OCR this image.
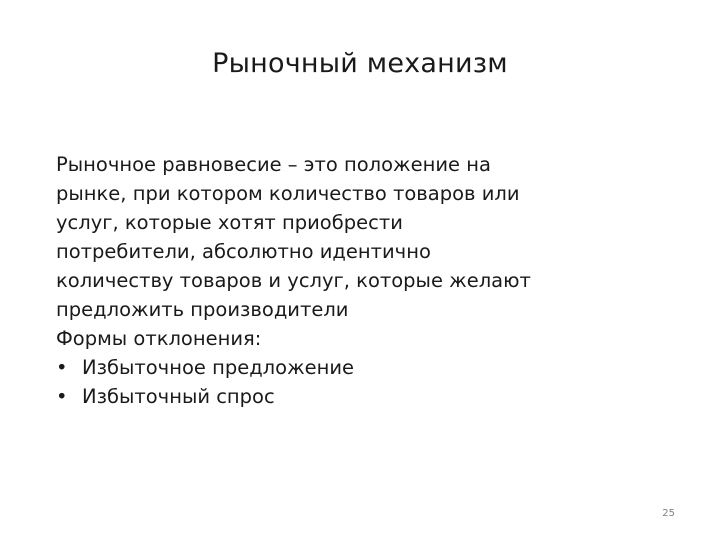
Рыночный механизм
Рыночное равновесие – это положение на
рынке, при котором количество товаров или
услуг, которые хотят приобрести
потребители, абсолютно идентично
количеству товаров и услуг, которые желают
предложить производители
Формы отклонения:
• Избыточное предложение
• Избыточный спрос
25
